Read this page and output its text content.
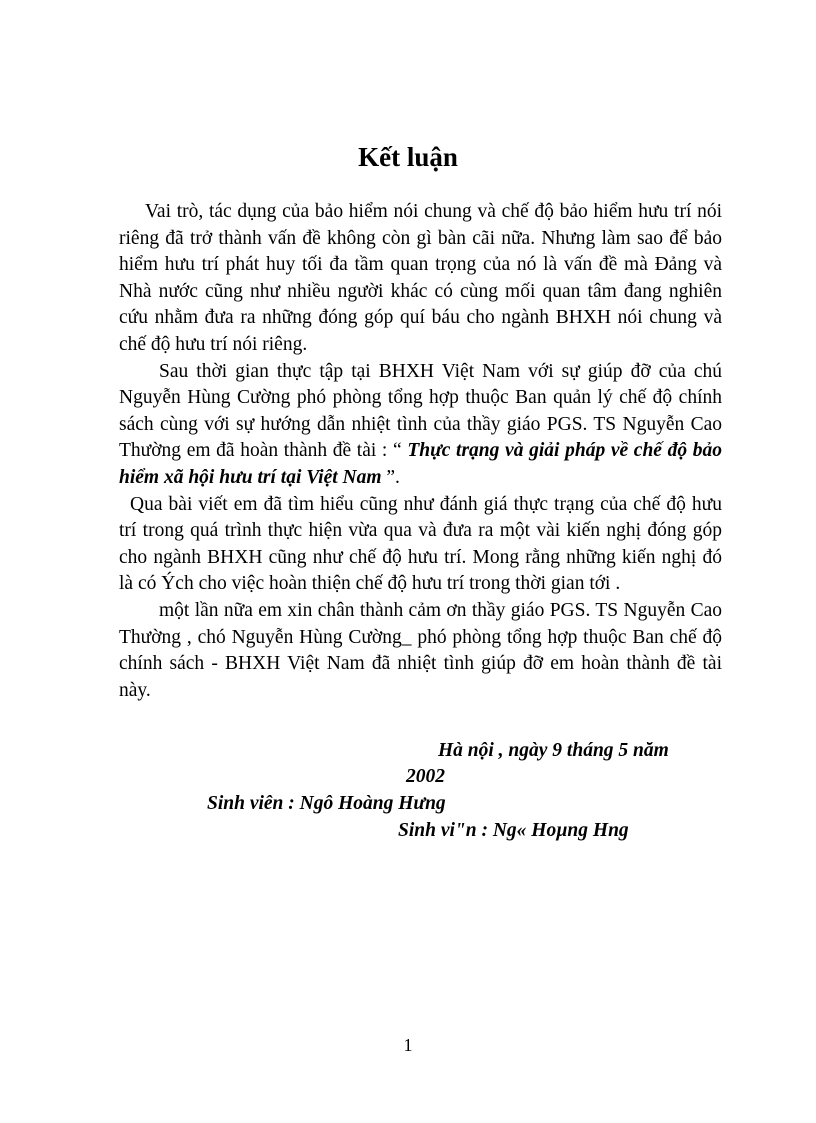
Kết luận

Vai trò, tác dụng của bảo hiểm nói chung và chế độ bảo hiểm hưu trí nói riêng đã trở thành vấn đề không còn gì bàn cãi nữa. Nhưng làm sao để bảo hiểm hưu trí phát huy tối đa tầm quan trọng của nó là vấn đề mà Đảng và Nhà nước cũng như nhiều người khác có cùng mối quan tâm đang nghiên cứu nhằm đưa ra những đóng góp quí báu cho ngành BHXH nói chung và chế độ hưu trí nói riêng.

Sau thời gian thực tập tại BHXH Việt Nam với sự giúp đỡ của chú Nguyễn Hùng Cường phó phòng tổng hợp thuộc Ban quản lý chế độ chính sách cùng với sự hướng dẫn nhiệt tình của thầy giáo PGS. TS Nguyễn Cao Thường em đã hoàn thành đề tài : “ Thực trạng và giải pháp về chế độ bảo hiểm xã hội hưu trí tại Việt Nam ”.

Qua bài viết em đã tìm hiểu cũng như đánh giá thực trạng của chế độ hưu trí trong quá trình thực hiện vừa qua và đưa ra một vài kiến nghị đóng góp cho ngành BHXH cũng như chế độ hưu trí. Mong rằng những kiến nghị đó là có Ých cho việc hoàn thiện chế độ hưu trí trong thời gian tới .

một lần nữa em xin chân thành cảm ơn thầy giáo PGS. TS Nguyễn Cao Thường , chó Nguyễn Hùng Cường_ phó phòng tổng hợp thuộc Ban chế độ chính sách - BHXH Việt Nam đã nhiệt tình giúp đỡ em hoàn thành đề tài này.

Hà nội , ngày 9 tháng 5 năm
2002
Sinh viên : Ngô Hoàng Hưng
Sinh vi"n : Ng« Hoµng Hng
1
